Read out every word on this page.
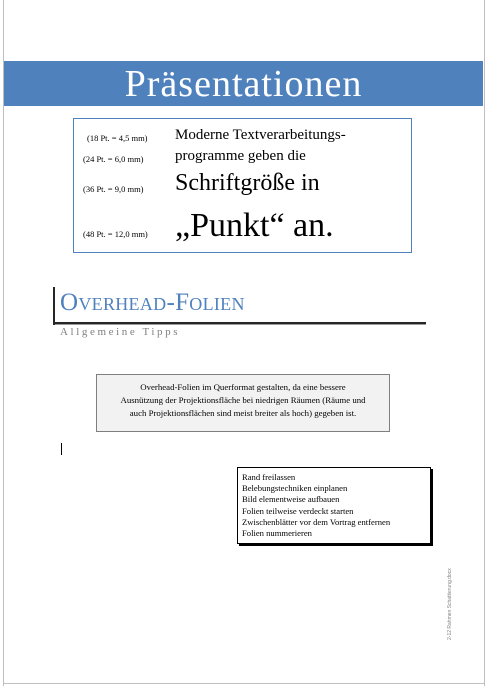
Präsentationen
(18 Pt. = 4,5 mm)
(24 Pt. = 6,0 mm)
(36 Pt. = 9,0 mm)
(48 Pt. = 12,0 mm)
Moderne Textverarbeitungs-
programme geben die
Schriftgröße in
„Punkt“ an.
Overhead-Folien
Allgemeine Tipps
Overhead-Folien im Querformat gestalten, da eine bessere
Ausnützung der Projektionsfläche bei niedrigen Räumen (Räume und
auch Projektionsflächen sind meist breiter als hoch) gegeben ist.
Rand freilassen
Belebungstechniken einplanen
Bild elementweise aufbauen
Folien teilweise verdeckt starten
Zwischenblätter vor dem Vortrag entfernen
Folien nummerieren
2-12 Rahmen Schattierung.docx
